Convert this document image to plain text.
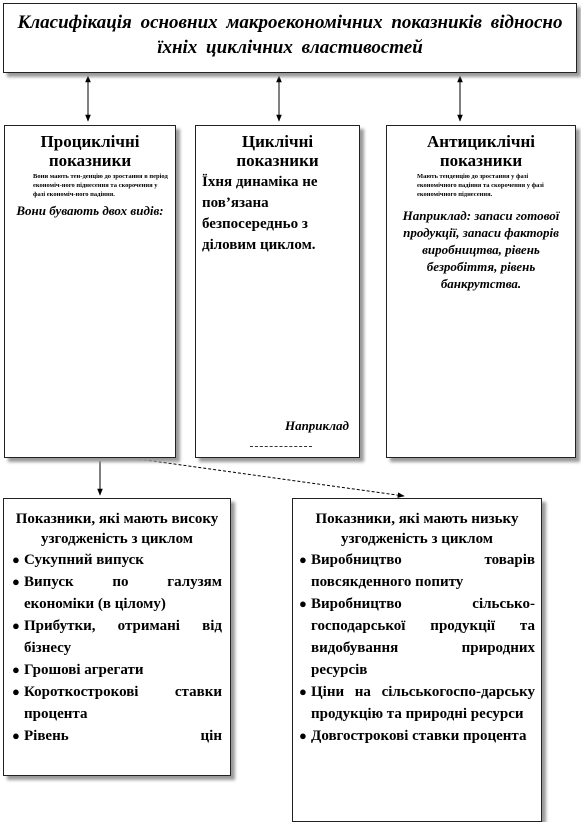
Класифікація основних макроекономічних показників відносно їхніх циклічних властивостей
Проциклічні показники
Вони мають тен-денцію до зростання в період економіч-ного піднесення та скорочення у фазі економіч-ного падіння.
Вони бувають двох видів:
Циклічні показники
Їхня динаміка не пов’язана безпосередньо з діловим циклом.
Наприклад
Антициклічні показники
Мають тенденцію до зростання у фазі економічного падіння та скорочення у фазі економічного піднесення.
Наприклад: запаси готової продукції, запаси факторів виробництва, рівень безробіття, рівень банкрутства.
Показники, які мають високу узгодженість з циклом
● Сукупний випуск
● Випуск по галузям економіки (в цілому)
● Прибутки, отримані від бізнесу
● Грошові агрегати
● Короткострокові ставки процента
● Рівень цін
Показники, які мають низьку узгодженість з циклом
● Виробництво товарів повсякденного попиту
● Виробництво сільсько-господарської продукції та видобування природних ресурсів
● Ціни на сільськогоспо-дарську продукцію та природні ресурси
● Довгострокові ставки процента
